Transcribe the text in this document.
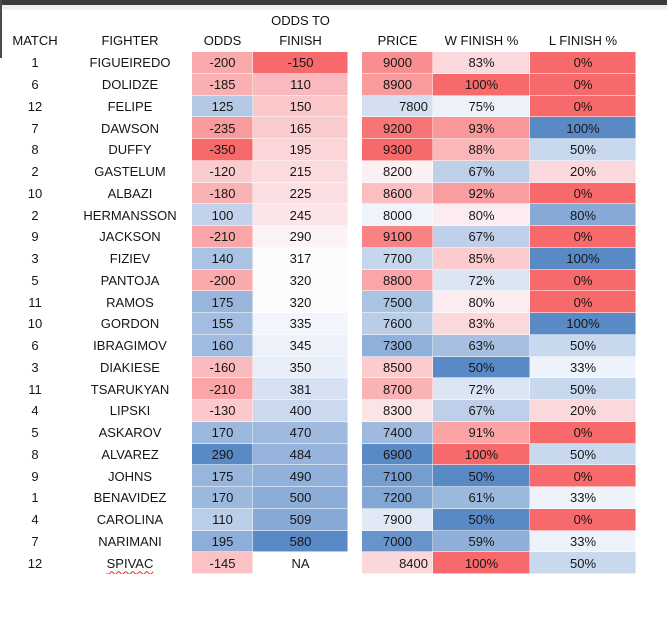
ODDS TO
MATCH	FIGHTER	ODDS	FINISH	PRICE	W FINISH %	L FINISH %
1	FIGUEIREDO	-200	-150	9000	83%	0%
6	DOLIDZE	-185	110	8900	100%	0%
12	FELIPE	125	150	7800	75%	0%
7	DAWSON	-235	165	9200	93%	100%
8	DUFFY	-350	195	9300	88%	50%
2	GASTELUM	-120	215	8200	67%	20%
10	ALBAZI	-180	225	8600	92%	0%
2	HERMANSSON	100	245	8000	80%	80%
9	JACKSON	-210	290	9100	67%	0%
3	FIZIEV	140	317	7700	85%	100%
5	PANTOJA	-200	320	8800	72%	0%
11	RAMOS	175	320	7500	80%	0%
10	GORDON	155	335	7600	83%	100%
6	IBRAGIMOV	160	345	7300	63%	50%
3	DIAKIESE	-160	350	8500	50%	33%
11	TSARUKYAN	-210	381	8700	72%	50%
4	LIPSKI	-130	400	8300	67%	20%
5	ASKAROV	170	470	7400	91%	0%
8	ALVAREZ	290	484	6900	100%	50%
9	JOHNS	175	490	7100	50%	0%
1	BENAVIDEZ	170	500	7200	61%	33%
4	CAROLINA	110	509	7900	50%	0%
7	NARIMANI	195	580	7000	59%	33%
12	SPIVAC	-145	NA	8400	100%	50%
